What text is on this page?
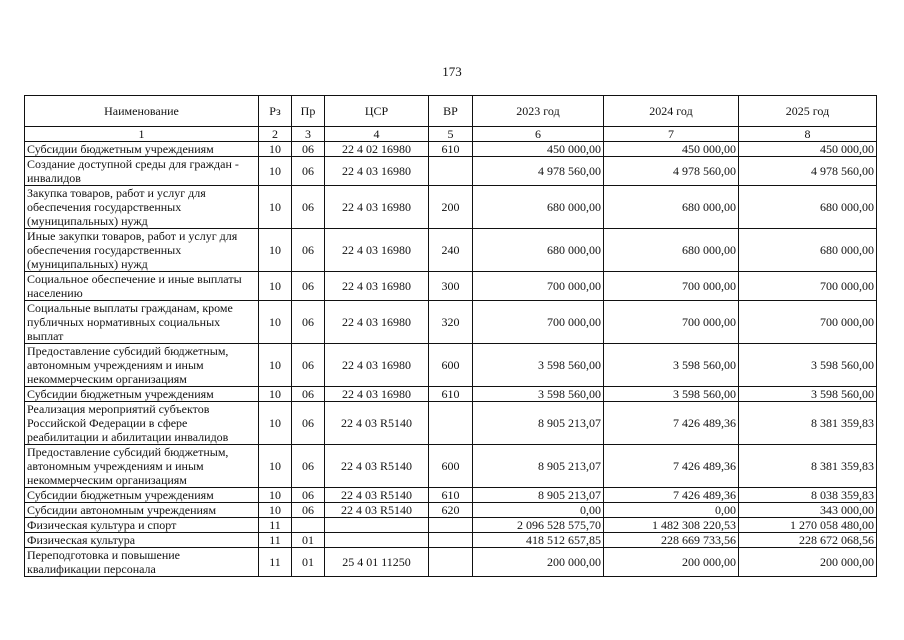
173
Наименование	Рз	Пр	ЦСР	ВР	2023 год	2024 год	2025 год
1	2	3	4	5	6	7	8
Субсидии бюджетным учреждениям	10	06	22 4 02 16980	610	450 000,00	450 000,00	450 000,00
Создание доступной среды для граждан - инвалидов	10	06	22 4 03 16980		4 978 560,00	4 978 560,00	4 978 560,00
Закупка товаров, работ и услуг для обеспечения государственных (муниципальных) нужд	10	06	22 4 03 16980	200	680 000,00	680 000,00	680 000,00
Иные закупки товаров, работ и услуг для обеспечения государственных (муниципальных) нужд	10	06	22 4 03 16980	240	680 000,00	680 000,00	680 000,00
Социальное обеспечение и иные выплаты населению	10	06	22 4 03 16980	300	700 000,00	700 000,00	700 000,00
Социальные выплаты гражданам, кроме публичных нормативных социальных выплат	10	06	22 4 03 16980	320	700 000,00	700 000,00	700 000,00
Предоставление субсидий бюджетным, автономным учреждениям и иным некоммерческим организациям	10	06	22 4 03 16980	600	3 598 560,00	3 598 560,00	3 598 560,00
Субсидии бюджетным учреждениям	10	06	22 4 03 16980	610	3 598 560,00	3 598 560,00	3 598 560,00
Реализация мероприятий субъектов Российской Федерации в сфере реабилитации и абилитации инвалидов	10	06	22 4 03 R5140		8 905 213,07	7 426 489,36	8 381 359,83
Предоставление субсидий бюджетным, автономным учреждениям и иным некоммерческим организациям	10	06	22 4 03 R5140	600	8 905 213,07	7 426 489,36	8 381 359,83
Субсидии бюджетным учреждениям	10	06	22 4 03 R5140	610	8 905 213,07	7 426 489,36	8 038 359,83
Субсидии автономным учреждениям	10	06	22 4 03 R5140	620	0,00	0,00	343 000,00
Физическая культура и спорт	11				2 096 528 575,70	1 482 308 220,53	1 270 058 480,00
Физическая культура	11	01			418 512 657,85	228 669 733,56	228 672 068,56
Переподготовка и повышение квалификации персонала	11	01	25 4 01 11250		200 000,00	200 000,00	200 000,00
